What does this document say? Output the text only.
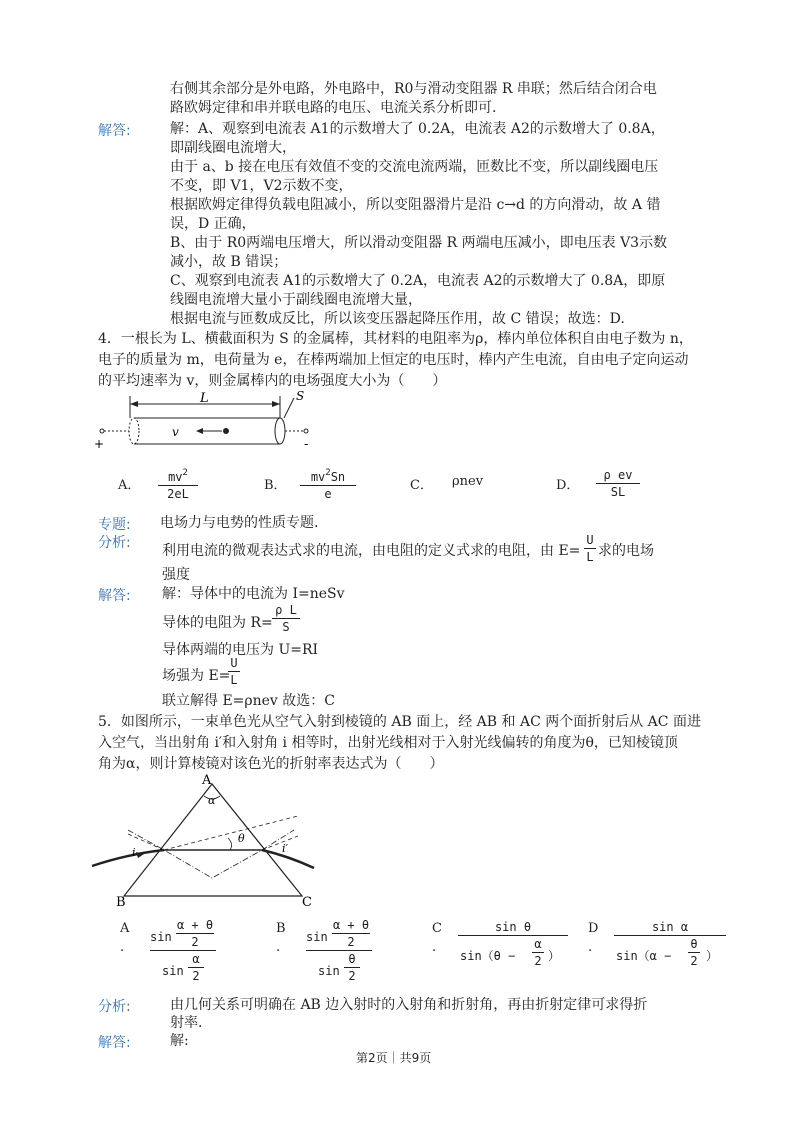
右侧其余部分是外电路，外电路中，R0与滑动变阻器 R 串联；然后结合闭合电
路欧姆定律和串并联电路的电压、电流关系分析即可.
解答:	解：A、观察到电流表 A1的示数增大了 0.2A，电流表 A2的示数增大了 0.8A，
即副线圈电流增大，
由于 a、b 接在电压有效值不变的交流电流两端，匝数比不变，所以副线圈电压
不变，即 V1，V2示数不变，
根据欧姆定律得负载电阻减小，所以变阻器滑片是沿 c→d 的方向滑动，故 A 错
误，D 正确，
B、由于 R0两端电压增大，所以滑动变阻器 R 两端电压减小，即电压表 V3示数
减小，故 B 错误；
C、观察到电流表 A1的示数增大了 0.2A，电流表 A2的示数增大了 0.8A，即原
线圈电流增大量小于副线圈电流增大量，
根据电流与匝数成反比，所以该变压器起降压作用，故 C 错误；故选：D.
4．一根长为 L、横截面积为 S 的金属棒，其材料的电阻率为ρ，棒内单位体积自由电子数为 n，
电子的质量为 m，电荷量为 e，在棒两端加上恒定的电压时，棒内产生电流，自由电子定向运动
的平均速率为 v，则金属棒内的电场强度大小为（　　）
L	S
+	-
v
A．
$mv^2$
2eL
B．
$mv^2Sn$
e
C． ρnev	D．
ρ ev
SL
专题: 电场力与电势的性质专题.
分析: 利用电流的微观表达式求的电流，由电阻的定义式求的电阻，由 E=
U
L 求的电场
强度
解答: 解：导体中的电流为 I=neSv
导体的电阻为 R=
ρ L
S
导体两端的电压为 U=RI
场强为 E=
U
L
联立解得 E=ρnev 故选：C
5．如图所示，一束单色光从空气入射到棱镜的 AB 面上，经 AB 和 AC 两个面折射后从 AC 面进
入空气，当出射角 i′和入射角 i 相等时，出射光线相对于入射光线偏转的角度为θ，已知棱镜顶
角为α，则计算棱镜对该色光的折射率表达式为（　　）
A
B	C
α
i	i′
θ
A
.
sin
α + θ
2
sin
α
2
B
.
sin
α + θ
2
sin
θ
2
C
.
sin θ
sin（θ −
α
2 ）
D
.
sin α
sin（α −
θ
2 ）
分析:	由几何关系可明确在 AB 边入射时的入射角和折射角，再由折射定律可求得折
射率.
解答:	解:
第2页｜共9页
